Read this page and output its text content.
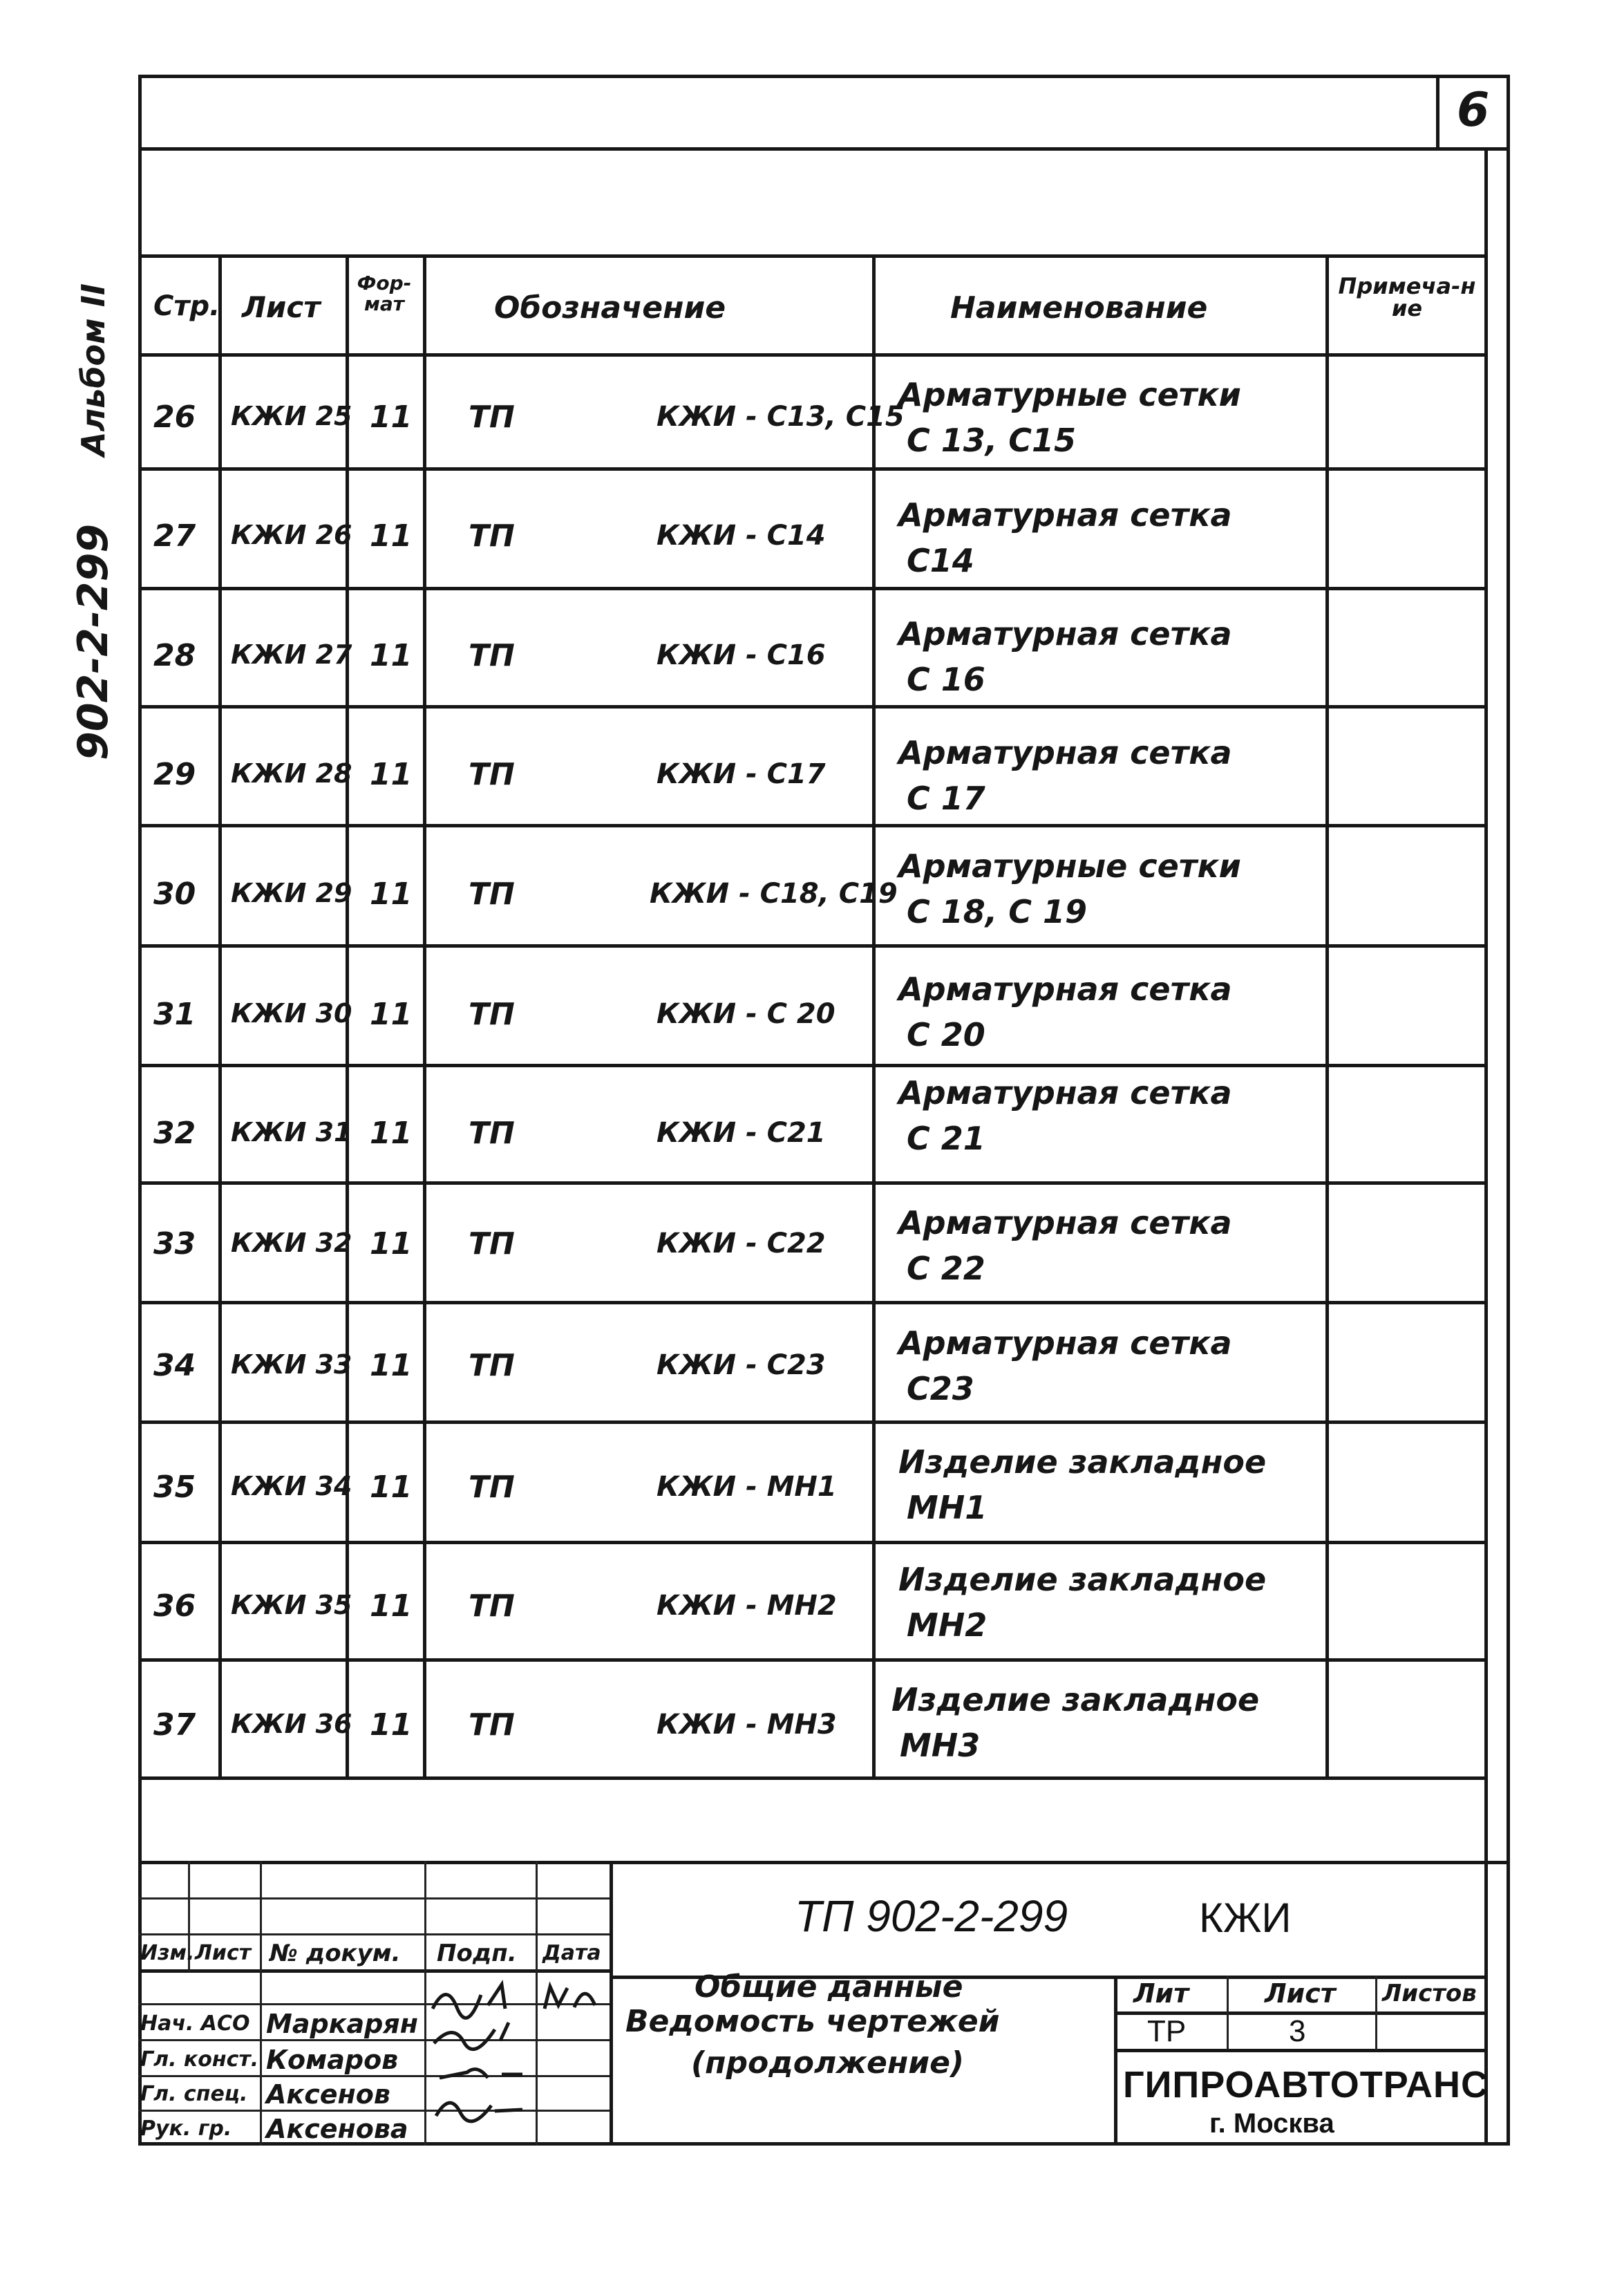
6
Альбом II
902-2-299
Стр. Лист
Фор-мат	Обозначение	Наименование
Примеча-ние
26 КЖИ 25 11 ТП	КЖИ - С13, С15
Арматурные сетки
С 13, С15
27 КЖИ 26 11 ТП	КЖИ - С14
Арматурная сетка
С14
28 КЖИ 27 11 ТП	КЖИ - С16
Арматурная сетка
С 16
29 КЖИ 28 11 ТП	КЖИ - С17
Арматурная сетка
С 17
30 КЖИ 29 11 ТП	КЖИ - С18, С19
Арматурные сетки
С 18, С 19
31 КЖИ 30 11 ТП	КЖИ - С 20
Арматурная сетка
С 20
32 КЖИ 31 11 ТП	КЖИ - С21
Арматурная сетка
С 21
33 КЖИ 32 11 ТП	КЖИ - С22
Арматурная сетка
С 22
34 КЖИ 33 11 ТП	КЖИ - С23
Арматурная сетка
С23
35 КЖИ 34 11 ТП	КЖИ - МН1
Изделие закладное
МН1
36 КЖИ 35 11 ТП	КЖИ - МН2
Изделие закладное
МН2
37 КЖИ 36 11 ТП	КЖИ - МН3
Изделие закладное
МН3
Изм. Лист № докум. Подп. Дата
Нач. АСО Маркарян
Гл. конст. Комаров
Гл. спец. Аксенов
Рук. гр. Аксенова
ТП 902-2-299	КЖИ
Общие данные
Ведомость чертежей
(продолжение)
Лит	Лист Листов
ТР	3
ГИПРОАВТОТРАНС
г. Москва
